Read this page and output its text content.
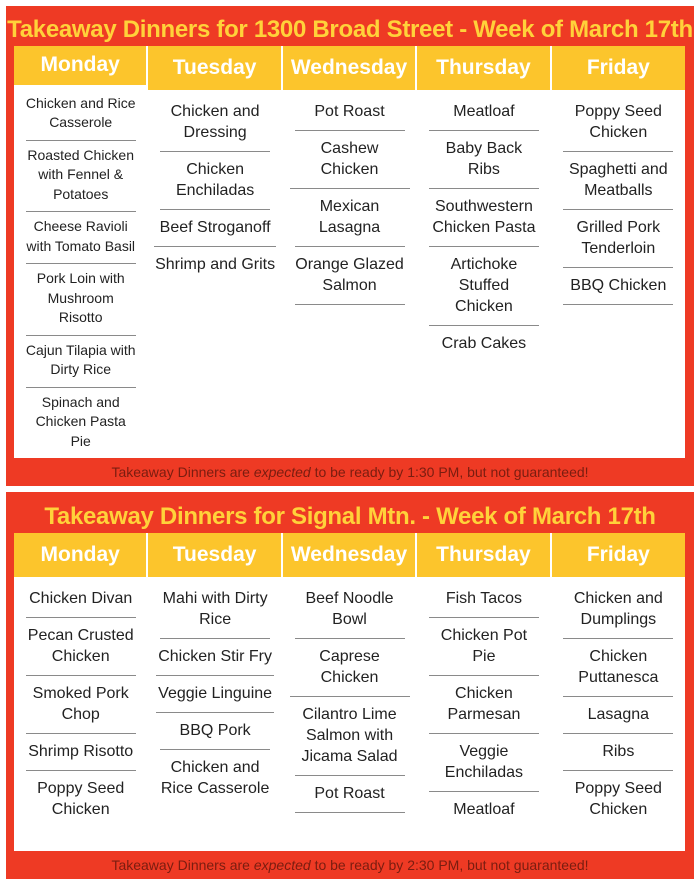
Takeaway Dinners for 1300 Broad Street - Week of March 17th
Monday
Chicken and Rice Casserole
Roasted Chicken with Fennel & Potatoes
Cheese Ravioli with Tomato Basil
Pork Loin with Mushroom Risotto
Cajun Tilapia with Dirty Rice
Spinach and Chicken Pasta Pie
Tuesday
Chicken and Dressing
Chicken Enchiladas
Beef Stroganoff
Shrimp and Grits
Wednesday
Pot Roast
Cashew Chicken
Mexican Lasagna
Orange Glazed Salmon
Thursday
Meatloaf
Baby Back Ribs
Southwestern Chicken Pasta
Artichoke Stuffed Chicken
Crab Cakes
Friday
Poppy Seed Chicken
Spaghetti and Meatballs
Grilled Pork Tenderloin
BBQ Chicken
Takeaway Dinners are expected to be ready by 1:30 PM, but not guaranteed!
Takeaway Dinners for Signal Mtn. - Week of March 17th
Monday
Chicken Divan
Pecan Crusted Chicken
Smoked Pork Chop
Shrimp Risotto
Poppy Seed Chicken
Tuesday
Mahi with Dirty Rice
Chicken Stir Fry
Veggie Linguine
BBQ Pork
Chicken and Rice Casserole
Wednesday
Beef Noodle Bowl
Caprese Chicken
Cilantro Lime Salmon with Jicama Salad
Pot Roast
Thursday
Fish Tacos
Chicken Pot Pie
Chicken Parmesan
Veggie Enchiladas
Meatloaf
Friday
Chicken and Dumplings
Chicken Puttanesca
Lasagna
Ribs
Poppy Seed Chicken
Takeaway Dinners are expected to be ready by 2:30 PM, but not guaranteed!
